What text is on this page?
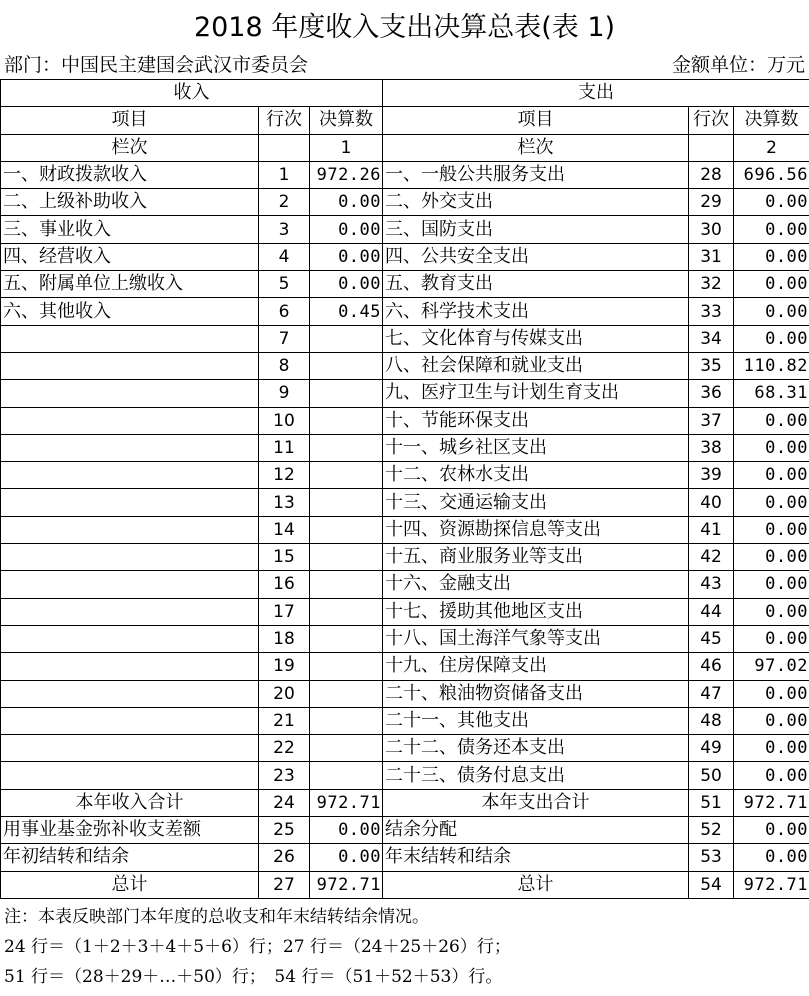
2018 年度收入支出决算总表(表 1)
部门：中国民主建国会武汉市委员会	金额单位：万元
收入			支出		
项目	行次	决算数	项目	行次	决算数
栏次		1	栏次		2
一、财政拨款收入	1	972.26	一、一般公共服务支出	28	696.56
二、上级补助收入	2	0.00	二、外交支出	29	0.00
三、事业收入	3	0.00	三、国防支出	30	0.00
四、经营收入	4	0.00	四、公共安全支出	31	0.00
五、附属单位上缴收入	5	0.00	五、教育支出	32	0.00
六、其他收入	6	0.45	六、科学技术支出	33	0.00
	7		七、文化体育与传媒支出	34	0.00
	8		八、社会保障和就业支出	35	110.82
	9		九、医疗卫生与计划生育支出	36	68.31
	10		十、节能环保支出	37	0.00
	11		十一、城乡社区支出	38	0.00
	12		十二、农林水支出	39	0.00
	13		十三、交通运输支出	40	0.00
	14		十四、资源勘探信息等支出	41	0.00
	15		十五、商业服务业等支出	42	0.00
	16		十六、金融支出	43	0.00
	17		十七、援助其他地区支出	44	0.00
	18		十八、国土海洋气象等支出	45	0.00
	19		十九、住房保障支出	46	97.02
	20		二十、粮油物资储备支出	47	0.00
	21		二十一、其他支出	48	0.00
	22		二十二、债务还本支出	49	0.00
	23		二十三、债务付息支出	50	0.00
本年收入合计	24	972.71	本年支出合计	51	972.71
用事业基金弥补收支差额	25	0.00	结余分配	52	0.00
年初结转和结余	26	0.00	年末结转和结余	53	0.00
总计	27	972.71	总计	54	972.71
注：本表反映部门本年度的总收支和年末结转结余情况。
24 行＝（1＋2＋3＋4＋5＋6）行；27 行＝（24＋25＋26）行；
51 行＝（28＋29＋…＋50）行；　54 行＝（51＋52＋53）行。
